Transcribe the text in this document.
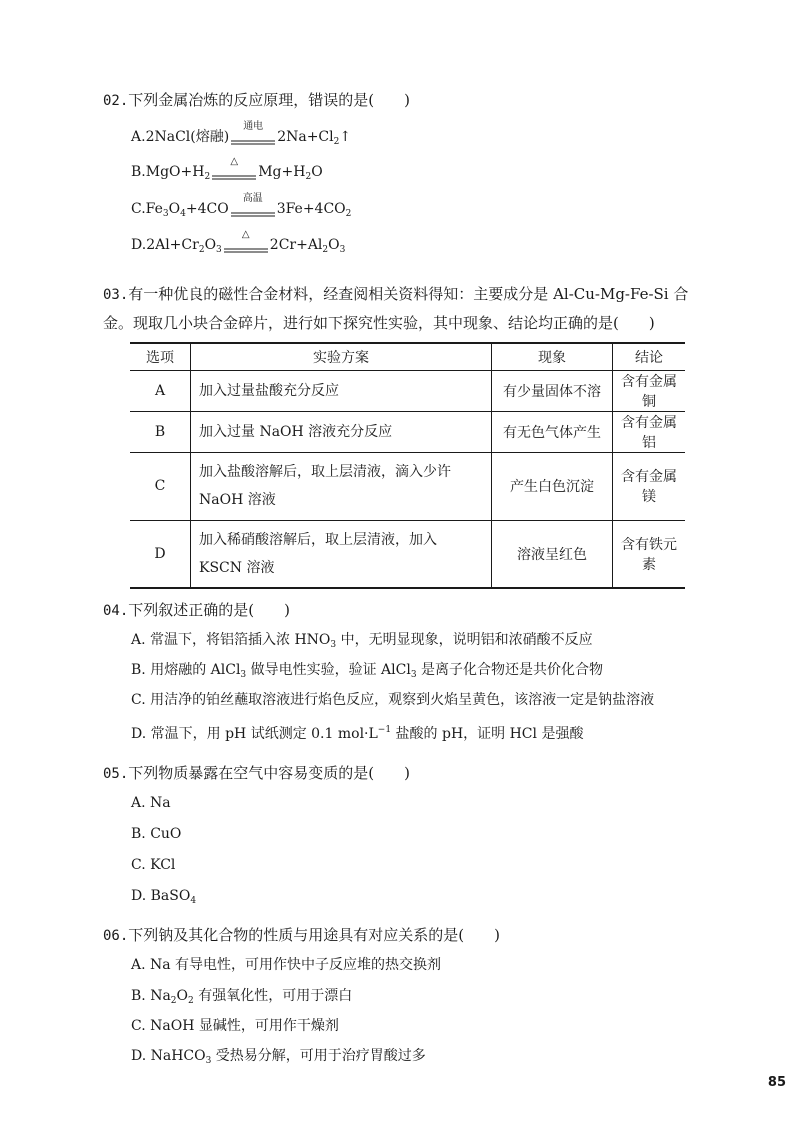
02.下列金属冶炼的反应原理，错误的是(　　)
A.2NaCl(熔融)
通电
$2Na+Cl_2↑$
$B.MgO+H_2$
△
$Mg+H_2O$
$C.Fe_3O_4+4CO$
高温
$3Fe+4CO_2$
$D.2Al+Cr_2O_3$
△
$2Cr+Al_2O_3$
03.有一种优良的磁性合金材料，经查阅相关资料得知：主要成分是 Al-Cu-Mg-Fe-Si 合
金。现取几小块合金碎片，进行如下探究性实验，其中现象、结论均正确的是(　　)
选项	实验方案	现象	结论
A	加入过量盐酸充分反应	有少量固体不溶	含有金属铜
B	加入过量 NaOH 溶液充分反应	有无色气体产生	含有金属铝
C	加入盐酸溶解后，取上层清液，滴入少许 NaOH 溶液	产生白色沉淀	含有金属镁
D	加入稀硝酸溶解后，取上层清液，加入 KSCN 溶液	溶液呈红色	含有铁元素
04.下列叙述正确的是(　　)
A. 常温下，将铝箔插入浓 $HNO_3$ 中，无明显现象，说明铝和浓硝酸不反应
B. 用熔融的 AlCl$_3$ 做导电性实验，验证 AlCl$_3$ 是离子化合物还是共价化合物
C. 用洁净的铂丝蘸取溶液进行焰色反应，观察到火焰呈黄色，该溶液一定是钠盐溶液
D. 常温下，用 pH 试纸测定 0.1 $mol\cdot L^{-1}$ 盐酸的 pH，证明 HCl 是强酸
05.下列物质暴露在空气中容易变质的是(　　)
A. Na
B. CuO
C. KCl
D. BaSO$_4$
06.下列钠及其化合物的性质与用途具有对应关系的是(　　)
A. Na 有导电性，可用作快中子反应堆的热交换剂
B. $Na_2O_2$ 有强氧化性，可用于漂白
C. NaOH 显碱性，可用作干燥剂
D. NaHCO$_3$ 受热易分解，可用于治疗胃酸过多
85
